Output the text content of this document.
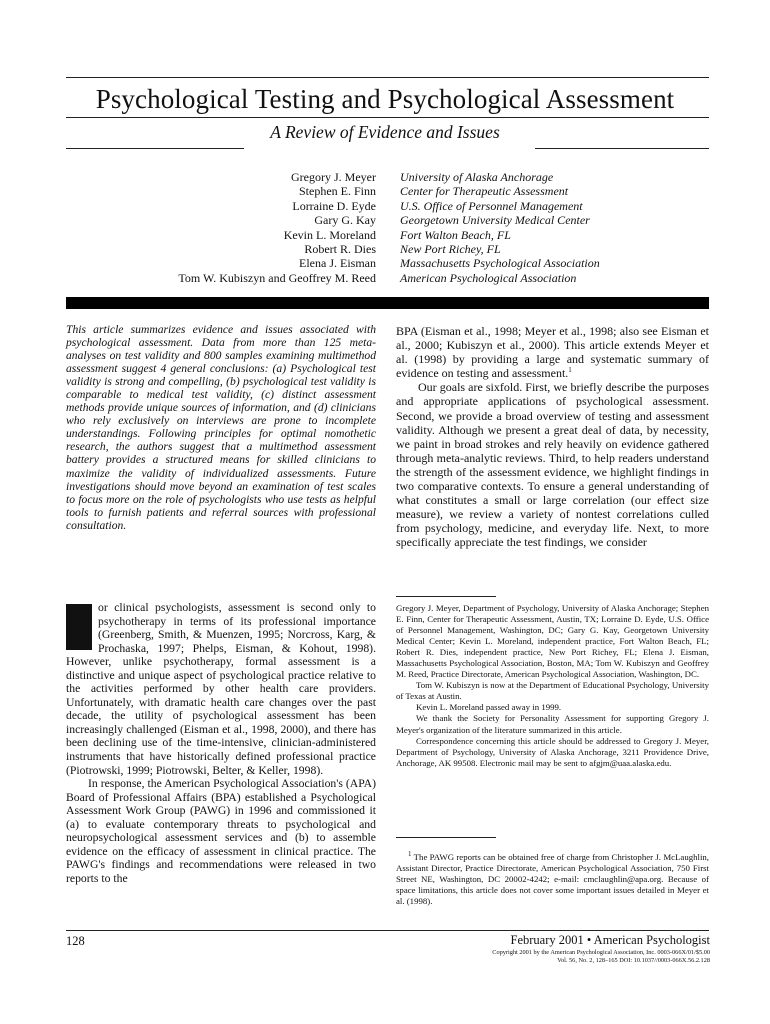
Psychological Testing and Psychological Assessment
A Review of Evidence and Issues
Gregory J. Meyer
Stephen E. Finn
Lorraine D. Eyde
Gary G. Kay
Kevin L. Moreland
Robert R. Dies
Elena J. Eisman
Tom W. Kubiszyn and Geoffrey M. Reed
University of Alaska Anchorage
Center for Therapeutic Assessment
U.S. Office of Personnel Management
Georgetown University Medical Center
Fort Walton Beach, FL
New Port Richey, FL
Massachusetts Psychological Association
American Psychological Association
This article summarizes evidence and issues associated with psychological assessment. Data from more than 125 meta-analyses on test validity and 800 samples examining multimethod assessment suggest 4 general conclusions: (a) Psychological test validity is strong and compelling, (b) psychological test validity is comparable to medical test validity, (c) distinct assessment methods provide unique sources of information, and (d) clinicians who rely exclusively on interviews are prone to incomplete understandings. Following principles for optimal nomothetic research, the authors suggest that a multimethod assessment battery provides a structured means for skilled clinicians to maximize the validity of individualized assessments. Future investigations should move beyond an examination of test scales to focus more on the role of psychologists who use tests as helpful tools to furnish patients and referral sources with professional consultation.

BPA (Eisman et al., 1998; Meyer et al., 1998; also see Eisman et al., 2000; Kubiszyn et al., 2000). This article extends Meyer et al. (1998) by providing a large and systematic summary of evidence on testing and assessment.$^1$

Our goals are sixfold. First, we briefly describe the purposes and appropriate applications of psychological assessment. Second, we provide a broad overview of testing and assessment validity. Although we present a great deal of data, by necessity, we paint in broad strokes and rely heavily on evidence gathered through meta-analytic reviews. Third, to help readers understand the strength of the assessment evidence, we highlight findings in two comparative contexts. To ensure a general understanding of what constitutes a small or large correlation (our effect size measure), we review a variety of nontest correlations culled from psychology, medicine, and everyday life. Next, to more specifically appreciate the test findings, we consider

or clinical psychologists, assessment is second only to psychotherapy in terms of its professional importance (Greenberg, Smith, & Muenzen, 1995; Norcross, Karg, & Prochaska, 1997; Phelps, Eisman, & Kohout, 1998). However, unlike psychotherapy, formal assessment is a distinctive and unique aspect of psychological practice relative to the activities performed by other health care providers. Unfortunately, with dramatic health care changes over the past decade, the utility of psychological assessment has been increasingly challenged (Eisman et al., 1998, 2000), and there has been declining use of the time-intensive, clinician-administered instruments that have historically defined professional practice (Piotrowski, 1999; Piotrowski, Belter, & Keller, 1998).

In response, the American Psychological Association's (APA) Board of Professional Affairs (BPA) established a Psychological Assessment Work Group (PAWG) in 1996 and commissioned it (a) to evaluate contemporary threats to psychological and neuropsychological assessment services and (b) to assemble evidence on the efficacy of assessment in clinical practice. The PAWG's findings and recommendations were released in two reports to the

Gregory J. Meyer, Department of Psychology, University of Alaska Anchorage; Stephen E. Finn, Center for Therapeutic Assessment, Austin, TX; Lorraine D. Eyde, U.S. Office of Personnel Management, Washington, DC; Gary G. Kay, Georgetown University Medical Center; Kevin L. Moreland, independent practice, Fort Walton Beach, FL; Robert R. Dies, independent practice, New Port Richey, FL; Elena J. Eisman, Massachusetts Psychological Association, Boston, MA; Tom W. Kubiszyn and Geoffrey M. Reed, Practice Directorate, American Psychological Association, Washington, DC.

Tom W. Kubiszyn is now at the Department of Educational Psychology, University of Texas at Austin.

Kevin L. Moreland passed away in 1999.

We thank the Society for Personality Assessment for supporting Gregory J. Meyer's organization of the literature summarized in this article.

Correspondence concerning this article should be addressed to Gregory J. Meyer, Department of Psychology, University of Alaska Anchorage, 3211 Providence Drive, Anchorage, AK 99508. Electronic mail may be sent to afgjm@uaa.alaska.edu.

$^1$ The PAWG reports can be obtained free of charge from Christopher J. McLaughlin, Assistant Director, Practice Directorate, American Psychological Association, 750 First Street NE, Washington, DC 20002-4242; e-mail: cmclaughlin@apa.org. Because of space limitations, this article does not cover some important issues detailed in Meyer et al. (1998).

128	February 2001 • American Psychologist
Copyright 2001 by the American Psychological Association, Inc. 0003-066X/01/$5.00
Vol. 56, No. 2, 128–165 DOI: 10.1037//0003-066X.56.2.128
